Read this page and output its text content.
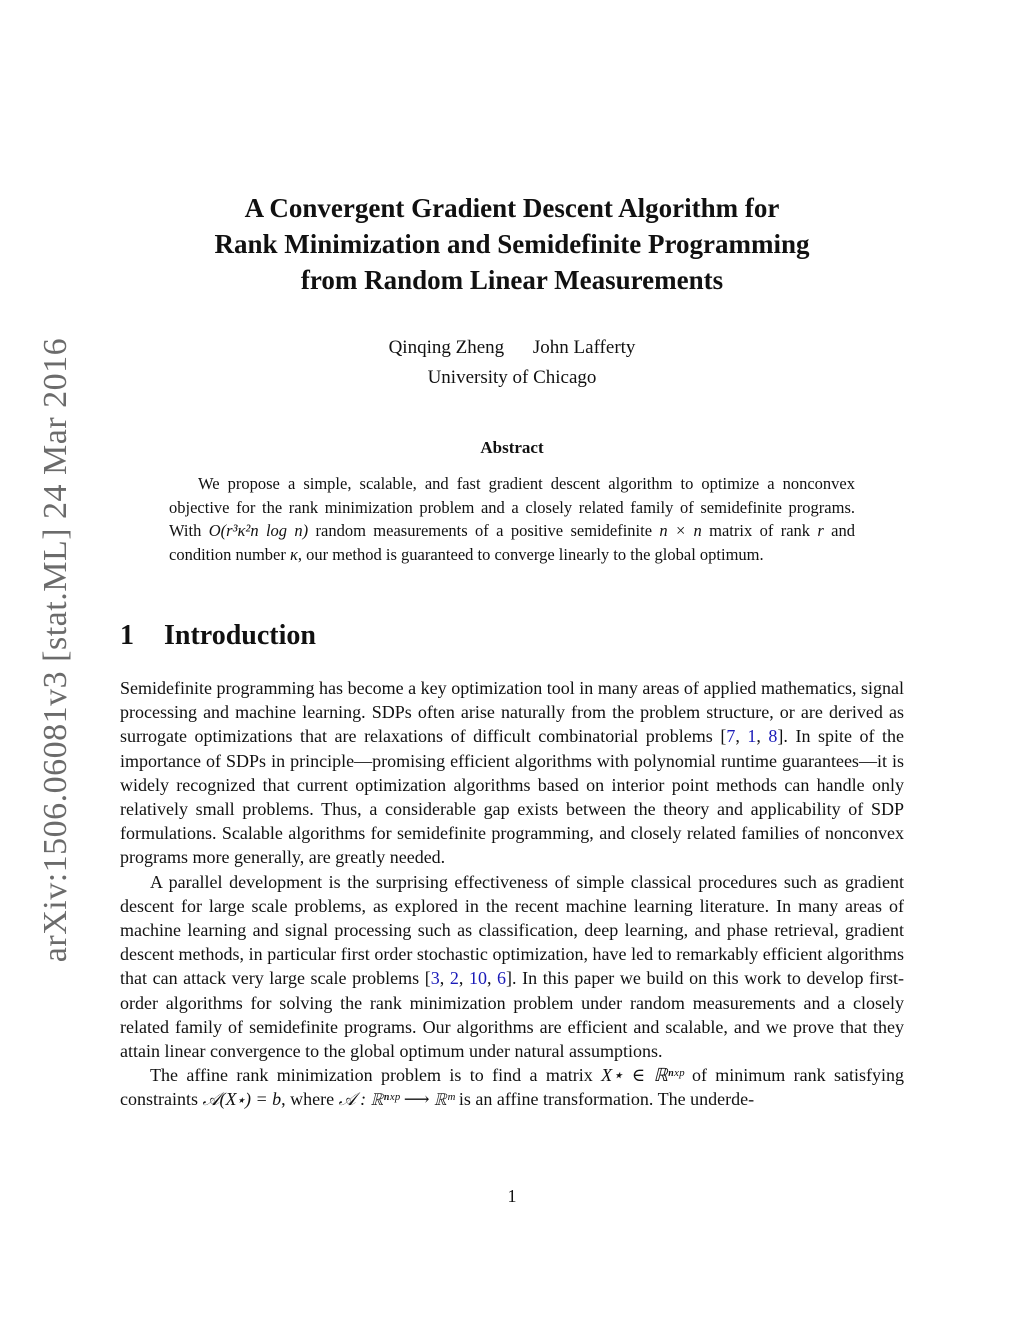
arXiv:1506.06081v3 [stat.ML] 24 Mar 2016
A Convergent Gradient Descent Algorithm for
Rank Minimization and Semidefinite Programming
from Random Linear Measurements
Qinqing Zheng John Lafferty
University of Chicago
Abstract

We propose a simple, scalable, and fast gradient descent algorithm to optimize a nonconvex objective for the rank minimization problem and a closely related family of semidefinite programs. With O(r³κ²n log n) random measurements of a positive semidefinite n × n matrix of rank r and condition number κ, our method is guaranteed to converge linearly to the global optimum.

1 Introduction

Semidefinite programming has become a key optimization tool in many areas of applied mathematics, signal processing and machine learning. SDPs often arise naturally from the problem structure, or are derived as surrogate optimizations that are relaxations of difficult combinatorial problems [7, 1, 8]. In spite of the importance of SDPs in principle—promising efficient algorithms with polynomial runtime guarantees—it is widely recognized that current optimization algorithms based on interior point methods can handle only relatively small problems. Thus, a considerable gap exists between the theory and applicability of SDP formulations. Scalable algorithms for semidefinite programming, and closely related families of nonconvex programs more generally, are greatly needed.

A parallel development is the surprising effectiveness of simple classical procedures such as gradient descent for large scale problems, as explored in the recent machine learning literature. In many areas of machine learning and signal processing such as classification, deep learning, and phase retrieval, gradient descent methods, in particular first order stochastic optimization, have led to remarkably efficient algorithms that can attack very large scale problems [3, 2, 10, 6]. In this paper we build on this work to develop first-order algorithms for solving the rank minimization problem under random measurements and a closely related family of semidefinite programs. Our algorithms are efficient and scalable, and we prove that they attain linear convergence to the global optimum under natural assumptions.

The affine rank minimization problem is to find a matrix X⋆ ∈ ℝⁿˣᵖ of minimum rank satisfying constraints 𝒜(X⋆) = b, where 𝒜 : ℝⁿˣᵖ ⟶ ℝᵐ is an affine transformation. The underde-

1
